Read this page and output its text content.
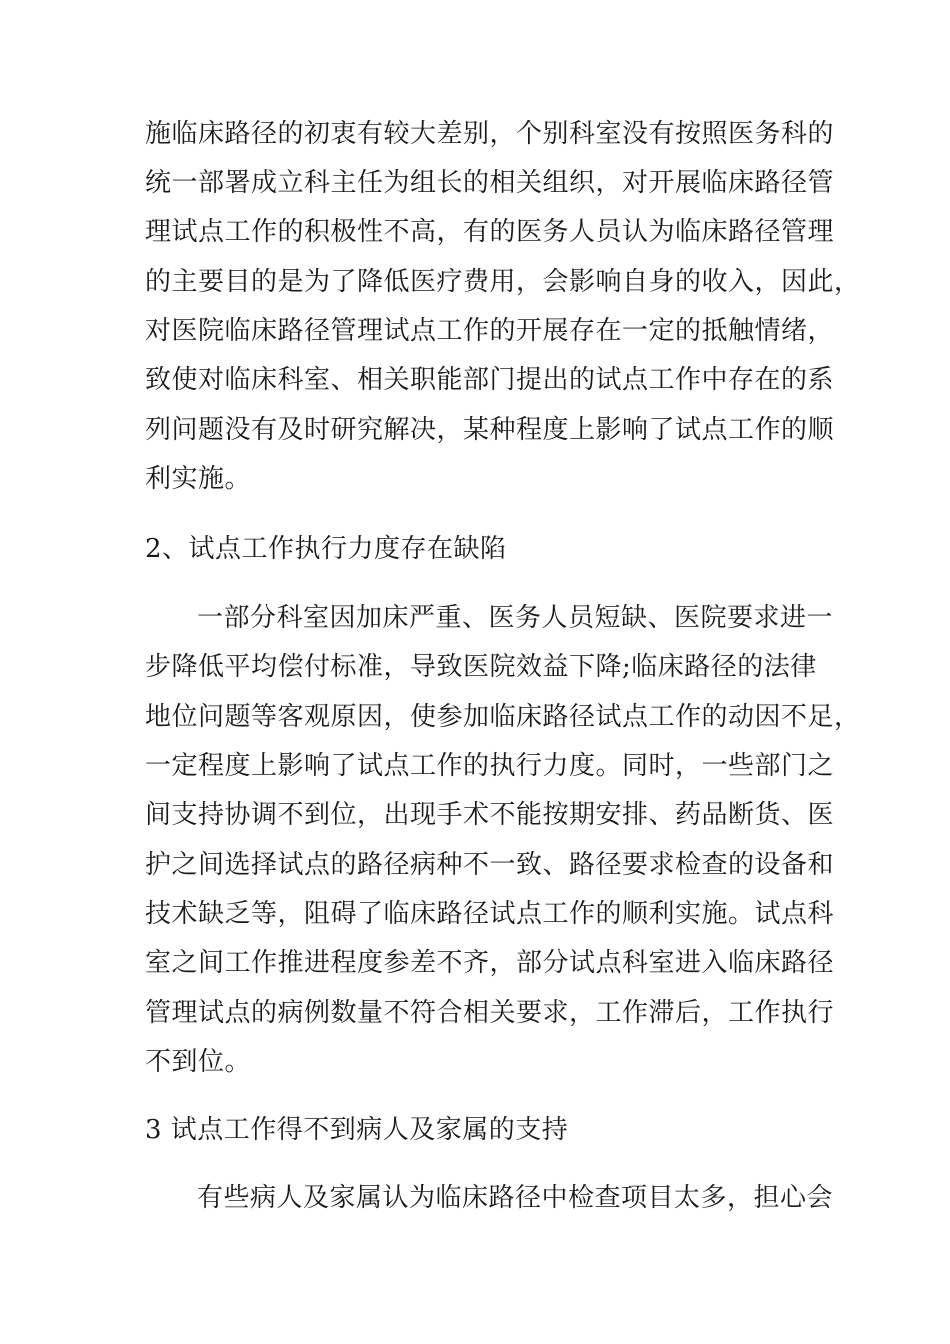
施临床路径的初衷有较大差别，个别科室没有按照医务科的
统一部署成立科主任为组长的相关组织，对开展临床路径管
理试点工作的积极性不高，有的医务人员认为临床路径管理
的主要目的是为了降低医疗费用，会影响自身的收入，因此，
对医院临床路径管理试点工作的开展存在一定的抵触情绪，
致使对临床科室、相关职能部门提出的试点工作中存在的系
列问题没有及时研究解决，某种程度上影响了试点工作的顺
利实施。
2、试点工作执行力度存在缺陷
一部分科室因加床严重、医务人员短缺、医院要求进一
步降低平均偿付标准，导致医院效益下降;临床路径的法律
地位问题等客观原因，使参加临床路径试点工作的动因不足，
一定程度上影响了试点工作的执行力度。同时，一些部门之
间支持协调不到位，出现手术不能按期安排、药品断货、医
护之间选择试点的路径病种不一致、路径要求检查的设备和
技术缺乏等，阻碍了临床路径试点工作的顺利实施。试点科
室之间工作推进程度参差不齐，部分试点科室进入临床路径
管理试点的病例数量不符合相关要求，工作滞后，工作执行
不到位。
3 试点工作得不到病人及家属的支持
有些病人及家属认为临床路径中检查项目太多，担心会
